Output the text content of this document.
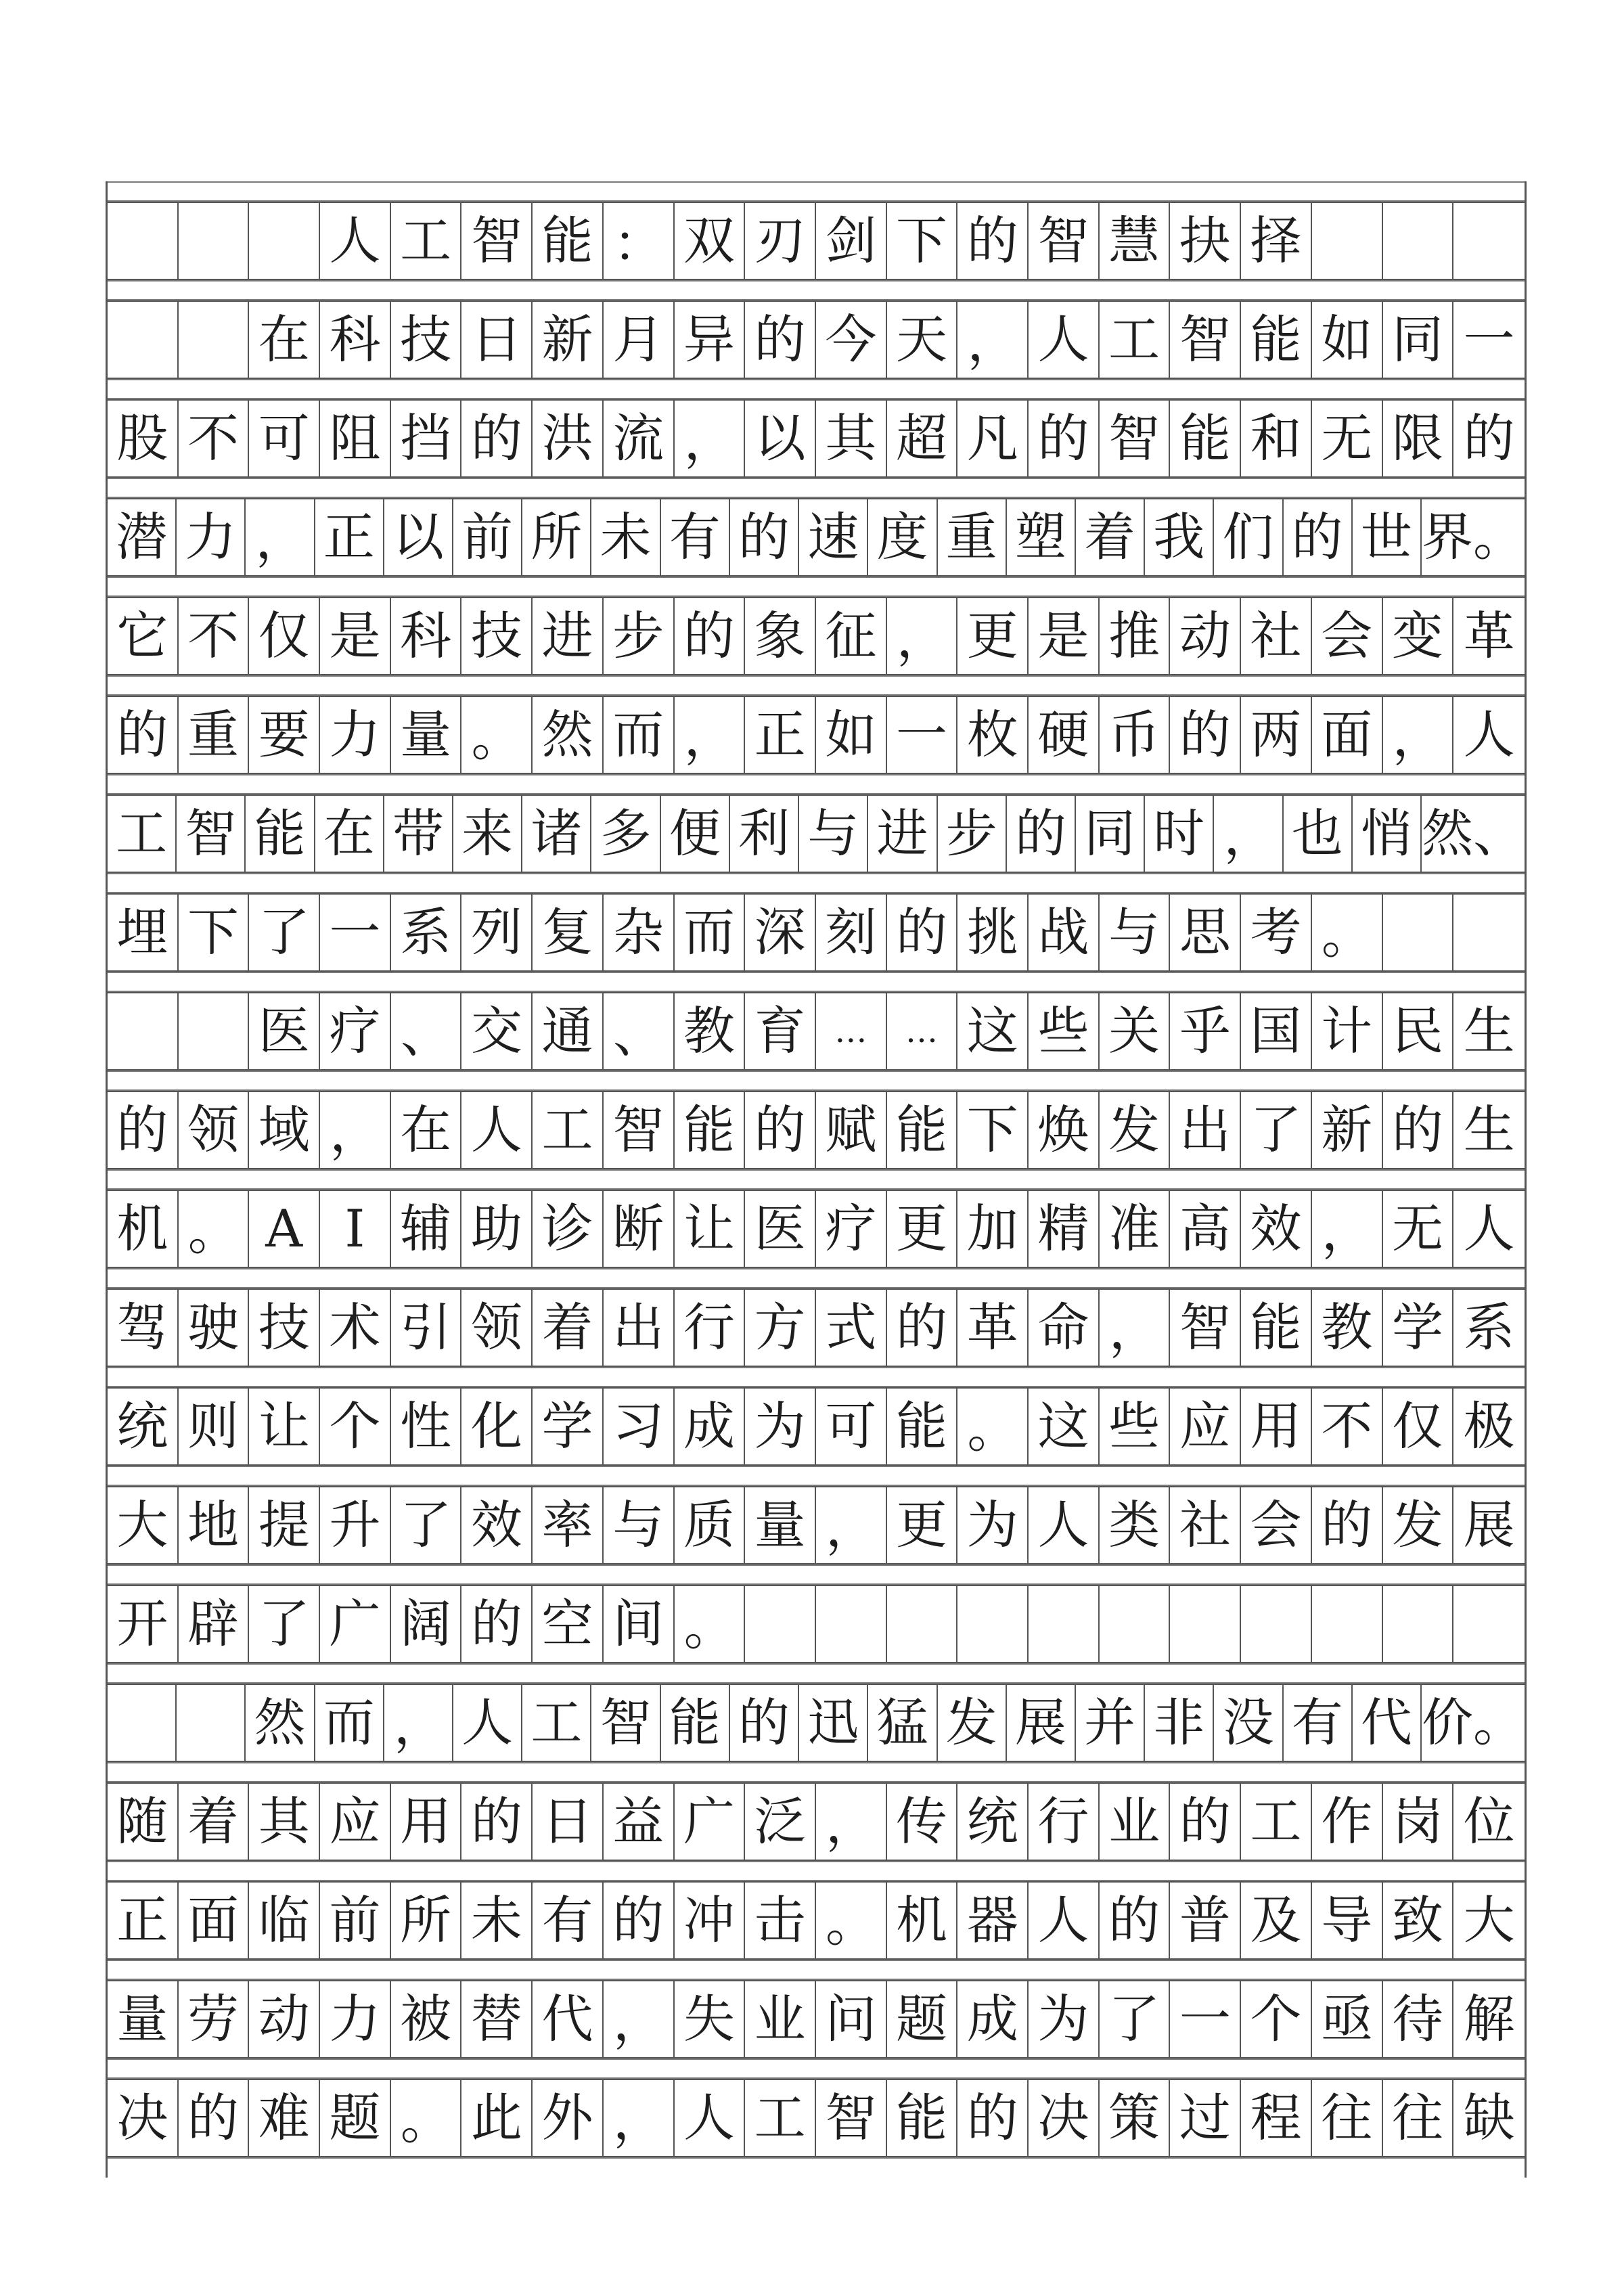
人 工 智 能 ： 双 刃 剑 下 的 智 慧 抉 择
在 科 技 日 新 月 异 的 今 天 ， 人 工 智 能 如 同 一
股 不 可 阻 挡 的 洪 流 ， 以 其 超 凡 的 智 能 和 无 限 的
潜 力 ， 正 以 前 所 未 有 的 速 度 重 塑 着 我 们 的 世 界。
它 不 仅 是 科 技 进 步 的 象 征 ， 更 是 推 动 社 会 变 革
的 重 要 力 量 。 然 而 ， 正 如 一 枚 硬 币 的 两 面 ， 人
工 智 能 在 带 来 诸 多 便 利 与 进 步 的 同 时 ， 也 悄 然、
埋 下 了 一 系 列 复 杂 而 深 刻 的 挑 战 与 思 考 。
医 疗 、 交 通 、 教 育 …	… 这 些 关 乎 国 计 民 生
的 领 域 ， 在 人 工 智 能 的 赋 能 下 焕 发 出 了 新 的 生
机 。 A I 辅 助 诊 断 让 医 疗 更 加 精 准 高 效 ， 无 人
驾 驶 技 术 引 领 着 出 行 方 式 的 革 命 ， 智 能 教 学 系
统 则 让 个 性 化 学 习 成 为 可 能 。 这 些 应 用 不 仅 极
大 地 提 升 了 效 率 与 质 量 ， 更 为 人 类 社 会 的 发 展
开 辟 了 广 阔 的 空 间 。
然 而 ， 人 工 智 能 的 迅 猛 发 展 并 非 没 有 代 价。
随 着 其 应 用 的 日 益 广 泛 ， 传 统 行 业 的 工 作 岗 位
正 面 临 前 所 未 有 的 冲 击 。 机 器 人 的 普 及 导 致 大
量 劳 动 力 被 替 代 ， 失 业 问 题 成 为 了 一 个 亟 待 解
决 的 难 题 。 此 外 ， 人 工 智 能 的 决 策 过 程 往 往 缺
